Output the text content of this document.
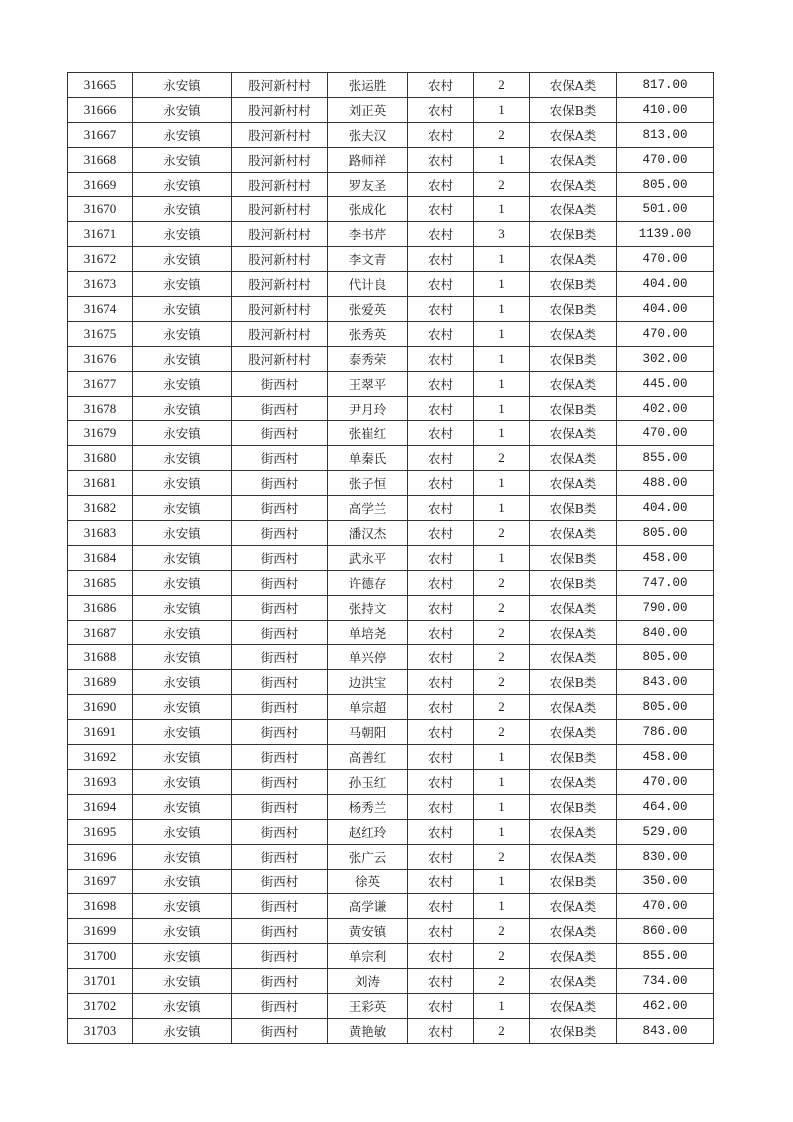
31665	永安镇	股河新村村	张运胜	农村	2	农保A类	817.00
31666	永安镇	股河新村村	刘正英	农村	1	农保B类	410.00
31667	永安镇	股河新村村	张夫汉	农村	2	农保A类	813.00
31668	永安镇	股河新村村	路师祥	农村	1	农保A类	470.00
31669	永安镇	股河新村村	罗友圣	农村	2	农保A类	805.00
31670	永安镇	股河新村村	张成化	农村	1	农保A类	501.00
31671	永安镇	股河新村村	李书芹	农村	3	农保B类	1139.00
31672	永安镇	股河新村村	李文青	农村	1	农保A类	470.00
31673	永安镇	股河新村村	代计良	农村	1	农保B类	404.00
31674	永安镇	股河新村村	张爱英	农村	1	农保B类	404.00
31675	永安镇	股河新村村	张秀英	农村	1	农保A类	470.00
31676	永安镇	股河新村村	泰秀荣	农村	1	农保B类	302.00
31677	永安镇	街西村	王翠平	农村	1	农保A类	445.00
31678	永安镇	街西村	尹月玲	农村	1	农保B类	402.00
31679	永安镇	街西村	张崔红	农村	1	农保A类	470.00
31680	永安镇	街西村	单秦氏	农村	2	农保A类	855.00
31681	永安镇	街西村	张子恒	农村	1	农保A类	488.00
31682	永安镇	街西村	高学兰	农村	1	农保B类	404.00
31683	永安镇	街西村	潘汉杰	农村	2	农保A类	805.00
31684	永安镇	街西村	武永平	农村	1	农保B类	458.00
31685	永安镇	街西村	许德存	农村	2	农保B类	747.00
31686	永安镇	街西村	张持文	农村	2	农保A类	790.00
31687	永安镇	街西村	单培尧	农村	2	农保A类	840.00
31688	永安镇	街西村	单兴停	农村	2	农保A类	805.00
31689	永安镇	街西村	边洪宝	农村	2	农保B类	843.00
31690	永安镇	街西村	单宗超	农村	2	农保A类	805.00
31691	永安镇	街西村	马朝阳	农村	2	农保A类	786.00
31692	永安镇	街西村	高善红	农村	1	农保B类	458.00
31693	永安镇	街西村	孙玉红	农村	1	农保A类	470.00
31694	永安镇	街西村	杨秀兰	农村	1	农保B类	464.00
31695	永安镇	街西村	赵红玲	农村	1	农保A类	529.00
31696	永安镇	街西村	张广云	农村	2	农保A类	830.00
31697	永安镇	街西村	徐英	农村	1	农保B类	350.00
31698	永安镇	街西村	高学谦	农村	1	农保A类	470.00
31699	永安镇	街西村	黄安镇	农村	2	农保A类	860.00
31700	永安镇	街西村	单宗利	农村	2	农保A类	855.00
31701	永安镇	街西村	刘涛	农村	2	农保A类	734.00
31702	永安镇	街西村	王彩英	农村	1	农保A类	462.00
31703	永安镇	街西村	黄艳敏	农村	2	农保B类	843.00
